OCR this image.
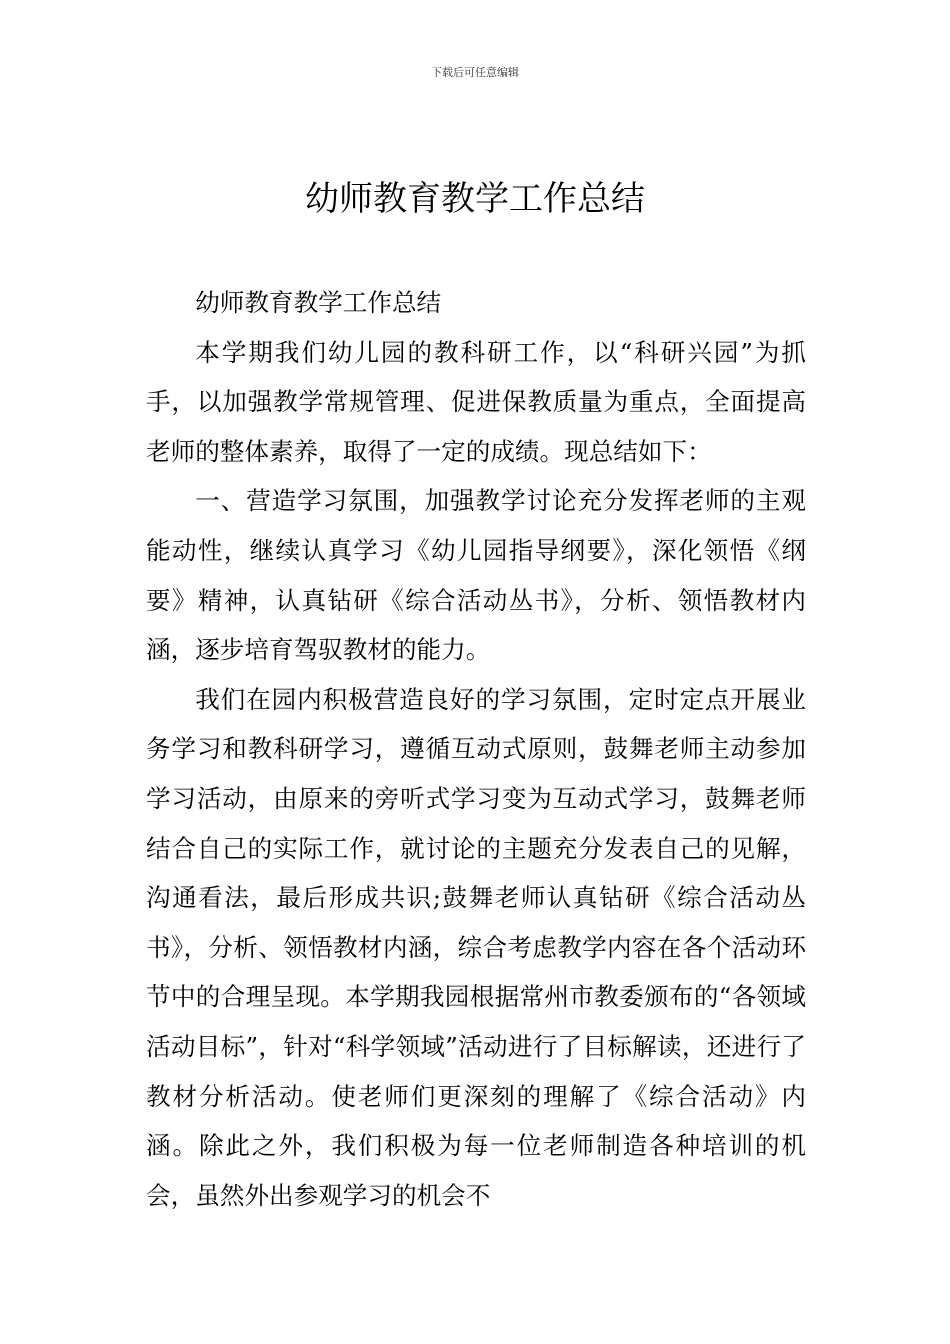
下载后可任意编辑
幼师教育教学工作总结

幼师教育教学工作总结

本学期我们幼儿园的教科研工作，以“科研兴园”为抓手，以加强教学常规管理、促进保教质量为重点，全面提高老师的整体素养，取得了一定的成绩。现总结如下：

一、营造学习氛围，加强教学讨论充分发挥老师的主观能动性，继续认真学习《幼儿园指导纲要》，深化领悟《纲要》精神，认真钻研《综合活动丛书》，分析、领悟教材内涵，逐步培育驾驭教材的能力。

我们在园内积极营造良好的学习氛围，定时定点开展业务学习和教科研学习，遵循互动式原则，鼓舞老师主动参加学习活动，由原来的旁听式学习变为互动式学习，鼓舞老师结合自己的实际工作，就讨论的主题充分发表自己的见解，沟通看法，最后形成共识;鼓舞老师认真钻研《综合活动丛书》，分析、领悟教材内涵，综合考虑教学内容在各个活动环节中的合理呈现。本学期我园根据常州市教委颁布的“各领域活动目标”，针对“科学领域”活动进行了目标解读，还进行了教材分析活动。使老师们更深刻的理解了《综合活动》内涵。除此之外，我们积极为每一位老师制造各种培训的机会，虽然外出参观学习的机会不
